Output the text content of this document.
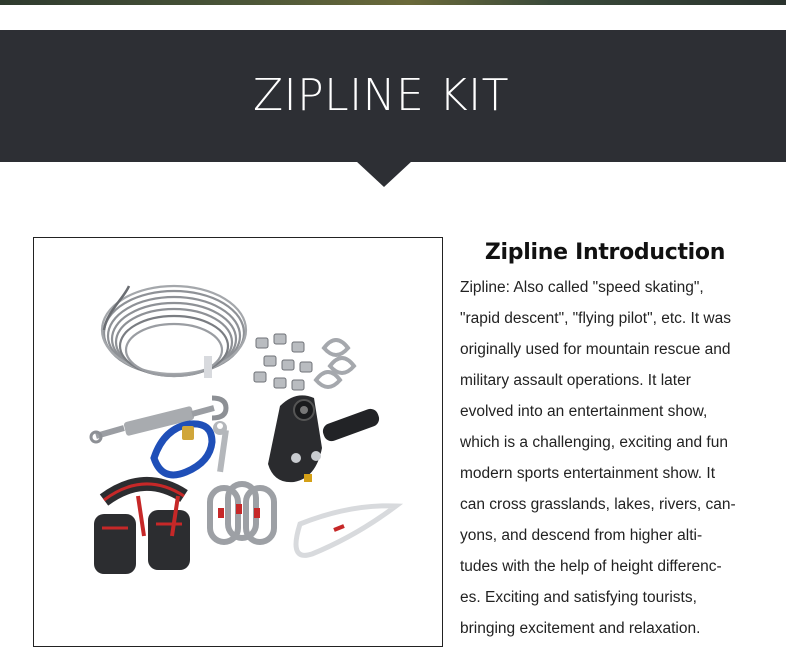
ZIPLINE KIT
Zipline Introduction
Zipline: Also called "speed skating",
"rapid descent", "flying pilot", etc. It was
originally used for mountain rescue and
military assault operations. It later
evolved into an entertainment show,
which is a challenging, exciting and fun
modern sports entertainment show. It
can cross grasslands, lakes, rivers, can-
yons, and descend from higher alti-
tudes with the help of height differenc-
es. Exciting and satisfying tourists,
bringing excitement and relaxation.
